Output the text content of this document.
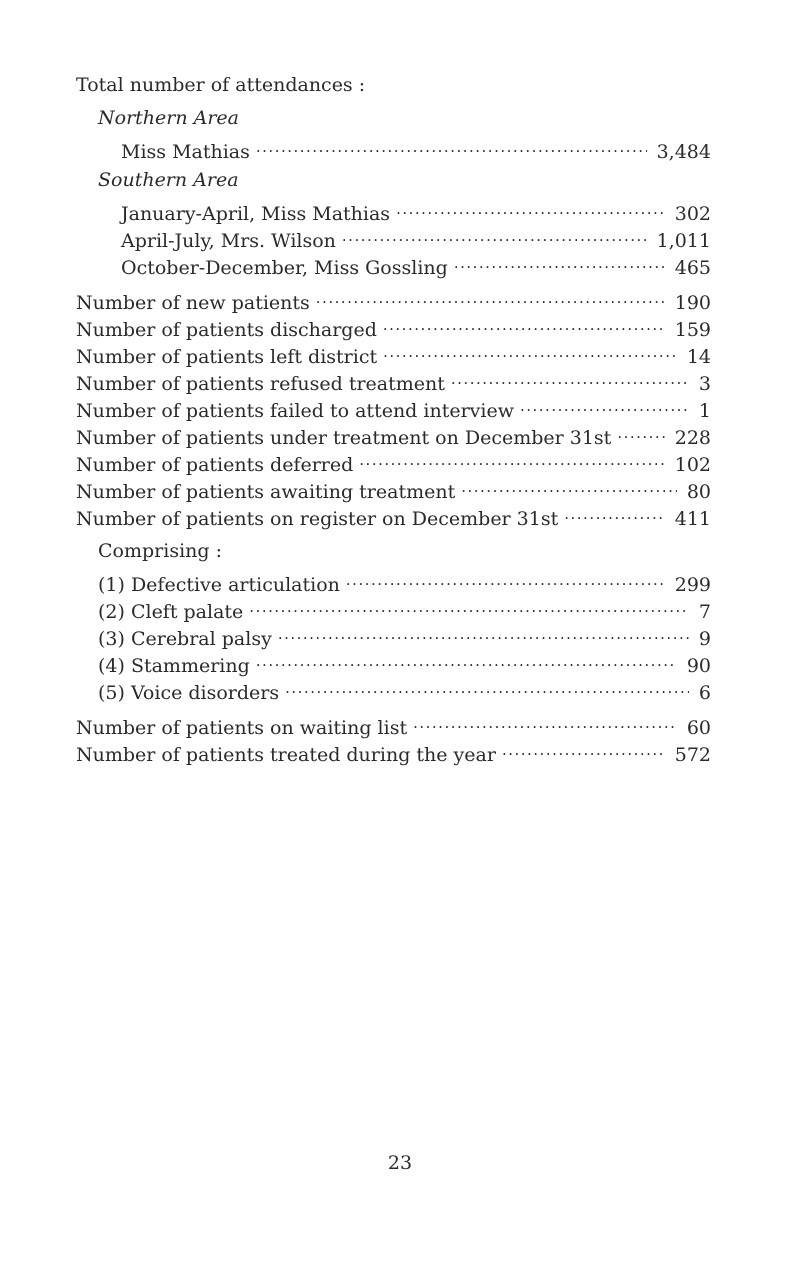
Total number of attendances :
Northern Area
Miss Mathias .....	3,484
Southern Area
January-April, Miss Mathias .....	302
April-July, Mrs. Wilson .....	1,011
October-December, Miss Gossling .....	465
Number of new patients .....	190
Number of patients discharged .....	159
Number of patients left district .....	14
Number of patients refused treatment .....	3
Number of patients failed to attend interview .....	1
Number of patients under treatment on December 31st .....	228
Number of patients deferred .....	102
Number of patients awaiting treatment .....	80
Number of patients on register on December 31st .....	411
Comprising :
(1) Defective articulation .....	299
(2) Cleft palate .....	7
(3) Cerebral palsy .....	9
(4) Stammering .....	90
(5) Voice disorders .....	6
Number of patients on waiting list .....	60
Number of patients treated during the year .....	572
23
